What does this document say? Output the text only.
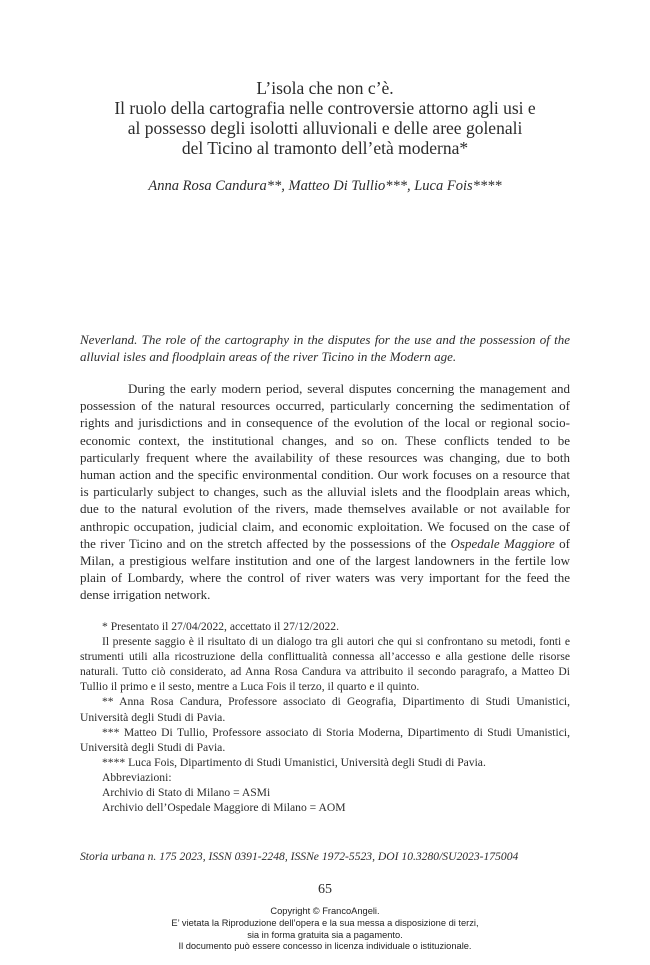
L’isola che non c’è.
Il ruolo della cartografia nelle controversie attorno agli usi e
al possesso degli isolotti alluvionali e delle aree golenali
del Ticino al tramonto dell’età moderna*
Anna Rosa Candura**, Matteo Di Tullio***, Luca Fois****
Neverland. The role of the cartography in the disputes for the use and the possession of the alluvial isles and floodplain areas of the river Ticino in the Modern age.

During the early modern period, several disputes concerning the management and possession of the natural resources occurred, particularly concerning the sedimentation of rights and jurisdictions and in consequence of the evolution of the local or regional socio-economic context, the institutional changes, and so on. These conflicts tended to be particularly frequent where the availability of these resources was changing, due to both human action and the specific environmental condition. Our work focuses on a resource that is particularly subject to changes, such as the alluvial islets and the floodplain areas which, due to the natural evolution of the rivers, made themselves available or not available for anthropic occupation, judicial claim, and economic exploitation. We focused on the case of the river Ticino and on the stretch affected by the possessions of the Ospedale Maggiore of Milan, a prestigious welfare institution and one of the largest landowners in the fertile low plain of Lombardy, where the control of river waters was very important for the feed the dense irrigation network.

* Presentato il 27/04/2022, accettato il 27/12/2022.

Il presente saggio è il risultato di un dialogo tra gli autori che qui si confrontano su metodi, fonti e strumenti utili alla ricostruzione della conflittualità connessa all’accesso e alla gestione delle risorse naturali. Tutto ciò considerato, ad Anna Rosa Candura va attribuito il secondo paragrafo, a Matteo Di Tullio il primo e il sesto, mentre a Luca Fois il terzo, il quarto e il quinto.

** Anna Rosa Candura, Professore associato di Geografia, Dipartimento di Studi Umanistici, Università degli Studi di Pavia.

*** Matteo Di Tullio, Professore associato di Storia Moderna, Dipartimento di Studi Umanistici, Università degli Studi di Pavia.

**** Luca Fois, Dipartimento di Studi Umanistici, Università degli Studi di Pavia.

Abbreviazioni:

Archivio di Stato di Milano = ASMi

Archivio dell’Ospedale Maggiore di Milano = AOM

Storia urbana n. 175 2023, ISSN 0391-2248, ISSNe 1972-5523, DOI 10.3280/SU2023-175004
65
Copyright © FrancoAngeli.
E’ vietata la Riproduzione dell’opera e la sua messa a disposizione di terzi,
sia in forma gratuita sia a pagamento.
Il documento può essere concesso in licenza individuale o istituzionale.
